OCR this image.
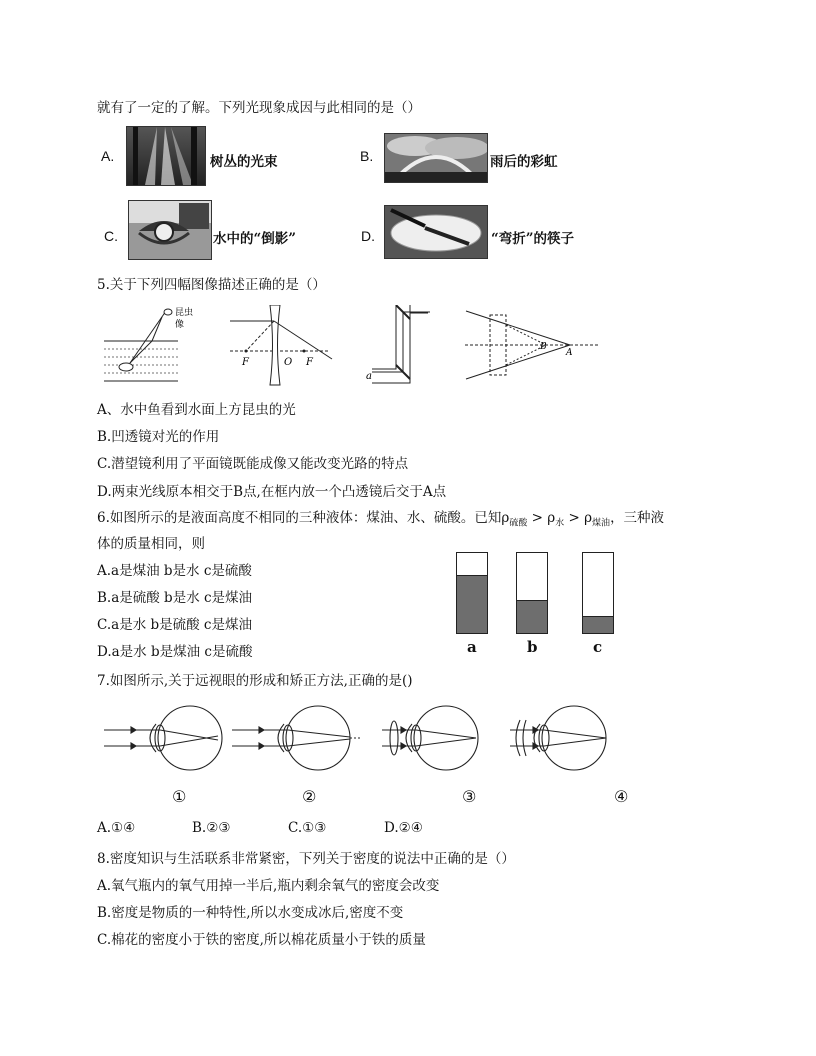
就有了一定的了解。下列光现象成因与此相同的是（）
A.	树丛的光束	B.	雨后的彩虹
C.	水中的“倒影”	D.	“弯折”的筷子
5.关于下列四幅图像描述正确的是（）
昆虫
像
F	O F
a
B
A
A、水中鱼看到水面上方昆虫的光
B.凹透镜对光的作用
C.潜望镜利用了平面镜既能成像又能改变光路的特点
D.两束光线原本相交于B点,在框内放一个凸透镜后交于A点
6.如图所示的是液面高度不相同的三种液体：煤油、水、硫酸。已知$\rho_{硫酸} > \rho_水 > \rho_{煤油}$，三种液
体的质量相同，则
A.a是煤油 b是水 c是硫酸
B.a是硫酸 b是水 c是煤油
C.a是水 b是硫酸 c是煤油
D.a是水 b是煤油 c是硫酸	a	b	c
7.如图所示,关于远视眼的形成和矫正方法,正确的是()
①	②	③	④
A.①④	B.②③	C.①③	D.②④
8.密度知识与生活联系非常紧密，下列关于密度的说法中正确的是（）
A.氧气瓶内的氧气用掉一半后,瓶内剩余氧气的密度会改变
B.密度是物质的一种特性,所以水变成冰后,密度不变
C.棉花的密度小于铁的密度,所以棉花质量小于铁的质量
